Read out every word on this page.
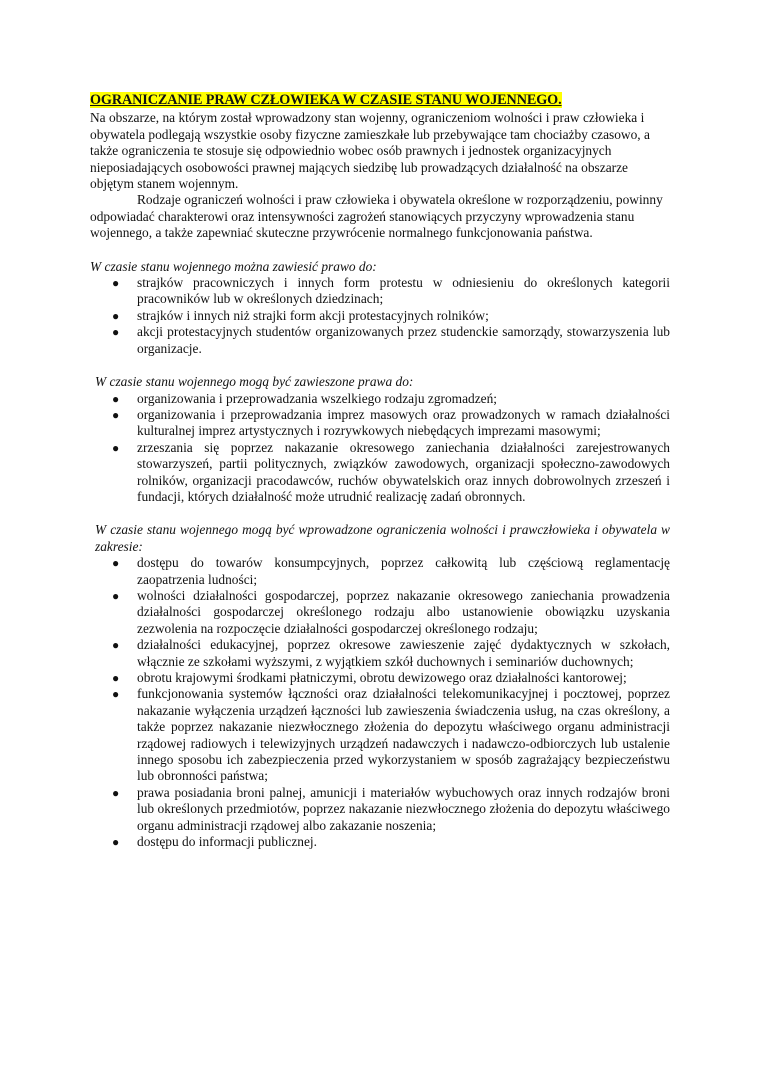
OGRANICZANIE PRAW CZŁOWIEKA W CZASIE STANU WOJENNEGO.

Na obszarze, na którym został wprowadzony stan wojenny, ograniczeniom wolności i praw człowieka i obywatela podlegają wszystkie osoby fizyczne zamieszkałe lub przebywające tam chociażby czasowo, a także ograniczenia te stosuje się odpowiednio wobec osób prawnych i jednostek organizacyjnych nieposiadających osobowości prawnej mających siedzibę lub prowadzących działalność na obszarze objętym stanem wojennym.

Rodzaje ograniczeń wolności i praw człowieka i obywatela określone w rozporządzeniu, powinny odpowiadać charakterowi oraz intensywności zagrożeń stanowiących przyczyny wprowadzenia stanu wojennego, a także zapewniać skuteczne przywrócenie normalnego funkcjonowania państwa.

W czasie stanu wojennego można zawiesić prawo do:

● strajków pracowniczych i innych form protestu w odniesieniu do określonych kategorii pracowników lub w określonych dziedzinach;
● strajków i innych niż strajki form akcji protestacyjnych rolników;
● akcji protestacyjnych studentów organizowanych przez studenckie samorządy, stowarzyszenia lub organizacje.

W czasie stanu wojennego mogą być zawieszone prawa do:

● organizowania i przeprowadzania wszelkiego rodzaju zgromadzeń;
● organizowania i przeprowadzania imprez masowych oraz prowadzonych w ramach działalności kulturalnej imprez artystycznych i rozrywkowych niebędących imprezami masowymi;
● zrzeszania się poprzez nakazanie okresowego zaniechania działalności zarejestrowanych stowarzyszeń, partii politycznych, związków zawodowych, organizacji społeczno-zawodowych rolników, organizacji pracodawców, ruchów obywatelskich oraz innych dobrowolnych zrzeszeń i fundacji, których działalność może utrudnić realizację zadań obronnych.

W czasie stanu wojennego mogą być wprowadzone ograniczenia wolności i prawczłowieka i obywatela w zakresie:

● dostępu do towarów konsumpcyjnych, poprzez całkowitą lub częściową reglamentację zaopatrzenia ludności;
● wolności działalności gospodarczej, poprzez nakazanie okresowego zaniechania prowadzenia działalności gospodarczej określonego rodzaju albo ustanowienie obowiązku uzyskania zezwolenia na rozpoczęcie działalności gospodarczej określonego rodzaju;
● działalności edukacyjnej, poprzez okresowe zawieszenie zajęć dydaktycznych w szkołach, włącznie ze szkołami wyższymi, z wyjątkiem szkół duchownych i seminariów duchownych;
● obrotu krajowymi środkami płatniczymi, obrotu dewizowego oraz działalności kantorowej;
● funkcjonowania systemów łączności oraz działalności telekomunikacyjnej i pocztowej, poprzez nakazanie wyłączenia urządzeń łączności lub zawieszenia świadczenia usług, na czas określony, a także poprzez nakazanie niezwłocznego złożenia do depozytu właściwego organu administracji rządowej radiowych i telewizyjnych urządzeń nadawczych i nadawczo-odbiorczych lub ustalenie innego sposobu ich zabezpieczenia przed wykorzystaniem w sposób zagrażający bezpieczeństwu lub obronności państwa;
● prawa posiadania broni palnej, amunicji i materiałów wybuchowych oraz innych rodzajów broni lub określonych przedmiotów, poprzez nakazanie niezwłocznego złożenia do depozytu właściwego organu administracji rządowej albo zakazanie noszenia;
● dostępu do informacji publicznej.
